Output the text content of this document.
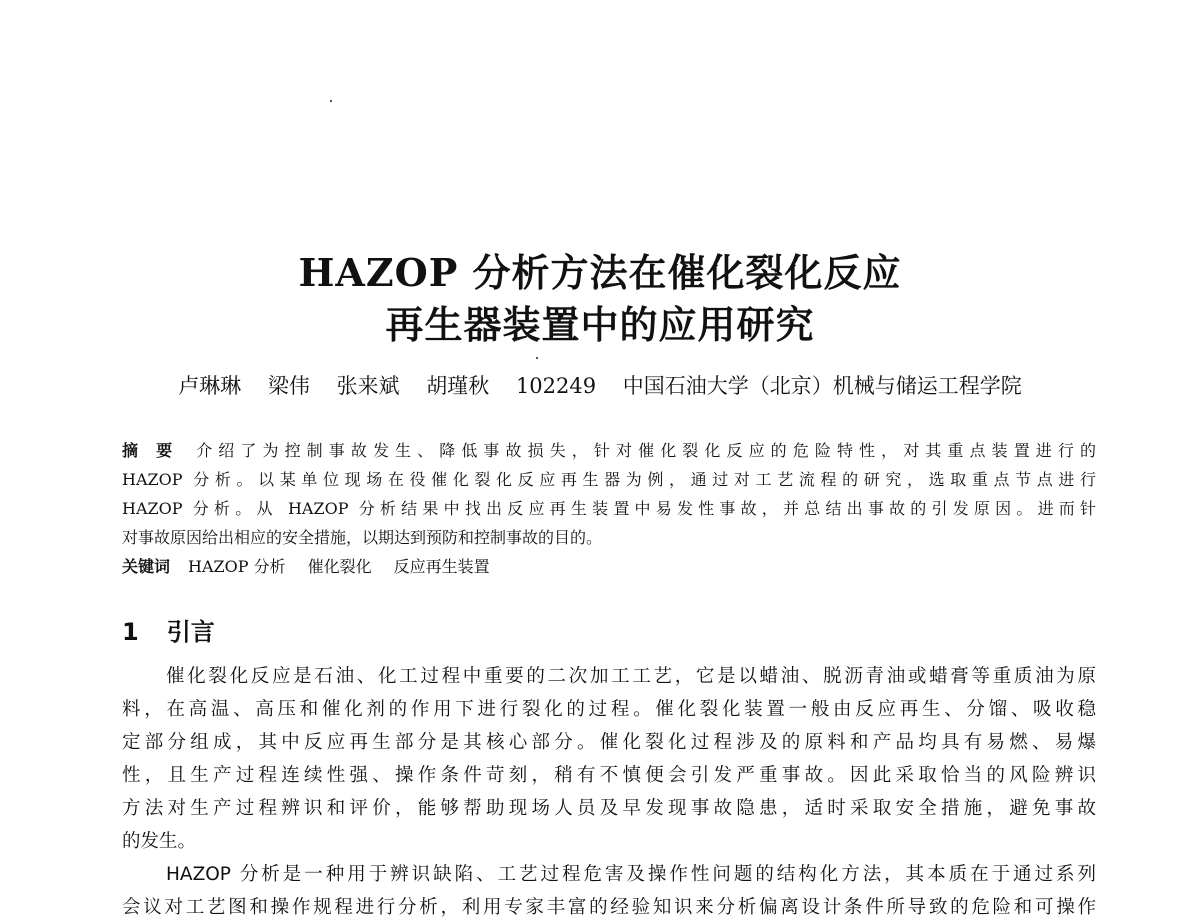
HAZOP 分析方法在催化裂化反应
再生器装置中的应用研究
卢琳琳 梁伟 张来斌 胡瑾秋 102249 中国石油大学（北京）机械与储运工程学院
摘要 介绍了为控制事故发生、降低事故损失，针对催化裂化反应的危险特性，对其重点装置进行的
HAZOP 分析。以某单位现场在役催化裂化反应再生器为例，通过对工艺流程的研究，选取重点节点进行
HAZOP 分析。从 HAZOP 分析结果中找出反应再生装置中易发性事故，并总结出事故的引发原因。进而针
对事故原因给出相应的安全措施，以期达到预防和控制事故的目的。
关键词 HAZOP 分析 催化裂化 反应再生装置
1 引言
催化裂化反应是石油、化工过程中重要的二次加工工艺，它是以蜡油、脱沥青油或蜡膏等重质油为原
料，在高温、高压和催化剂的作用下进行裂化的过程。催化裂化装置一般由反应再生、分馏、吸收稳
定部分组成，其中反应再生部分是其核心部分。催化裂化过程涉及的原料和产品均具有易燃、易爆
性，且生产过程连续性强、操作条件苛刻，稍有不慎便会引发严重事故。因此采取恰当的风险辨识
方法对生产过程辨识和评价，能够帮助现场人员及早发现事故隐患，适时采取安全措施，避免事故
的发生。
HAZOP 分析是一种用于辨识缺陷、工艺过程危害及操作性问题的结构化方法，其本质在于通过系列
会议对工艺图和操作规程进行分析，利用专家丰富的经验知识来分析偏离设计条件所导致的危险和可操作
